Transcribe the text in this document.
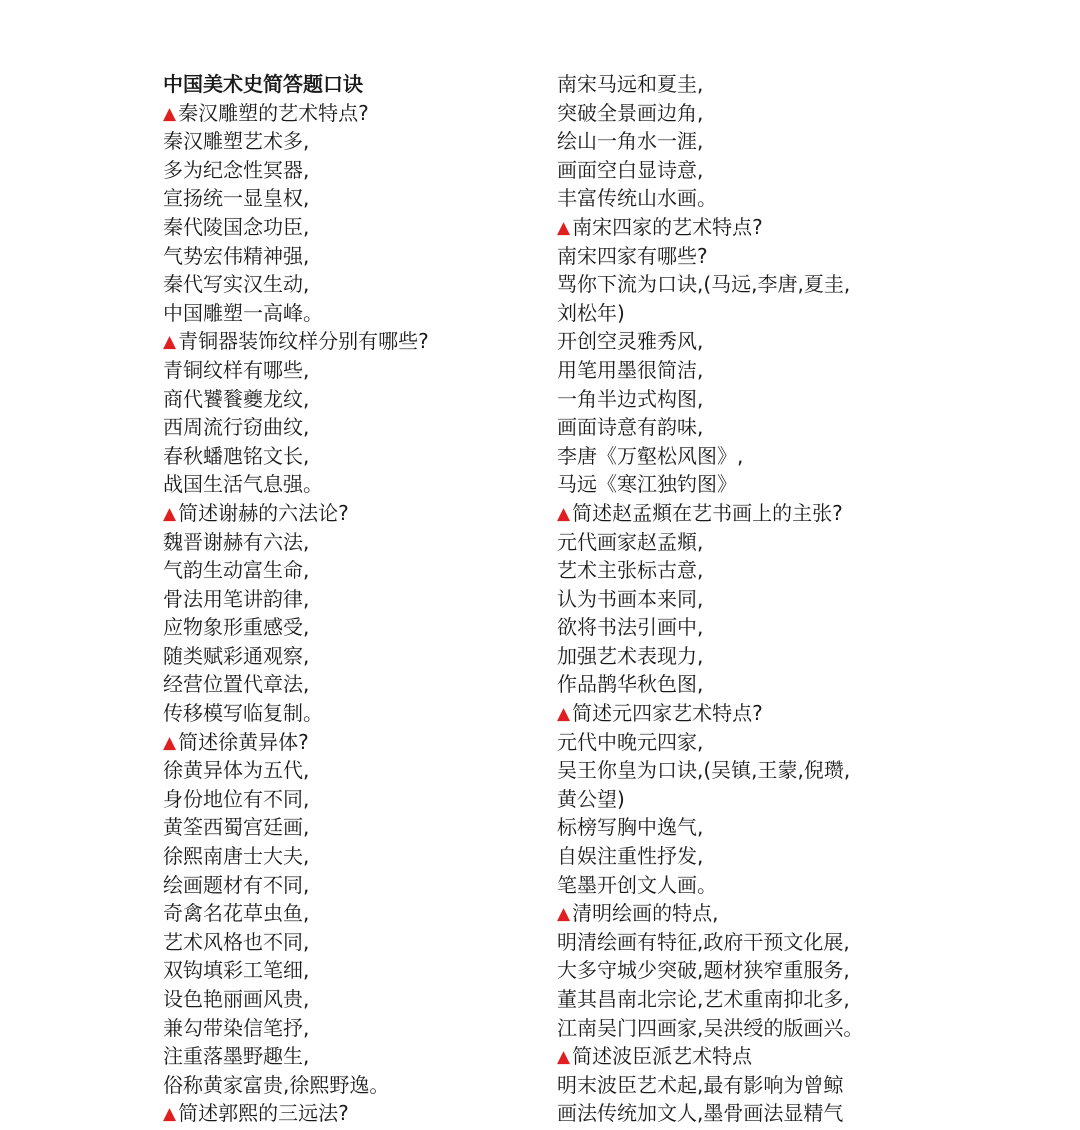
中国美术史简答题口诀
▲ 秦汉雕塑的艺术特点?
秦汉雕塑艺术多,
多为纪念性冥器,
宣扬统一显皇权,
秦代陵国念功臣,
气势宏伟精神强,
秦代写实汉生动,
中国雕塑一高峰。
▲ 青铜器装饰纹样分别有哪些?
青铜纹样有哪些,
商代饕餮夔龙纹,
西周流行窃曲纹,
春秋蟠虺铭文长,
战国生活气息强。
▲ 简述谢赫的六法论?
魏晋谢赫有六法,
气韵生动富生命,
骨法用笔讲韵律,
应物象形重感受,
随类赋彩通观察,
经营位置代章法,
传移模写临复制。
▲ 简述徐黄异体?
徐黄异体为五代,
身份地位有不同,
黄筌西蜀宫廷画,
徐熙南唐士大夫,
绘画题材有不同,
奇禽名花草虫鱼,
艺术风格也不同,
双钩填彩工笔细,
设色艳丽画风贵,
兼勾带染信笔抒,
注重落墨野趣生,
俗称黄家富贵,徐熙野逸。
▲ 简述郭熙的三远法?
南宋马远和夏圭,
突破全景画边角,
绘山一角水一涯,
画面空白显诗意,
丰富传统山水画。
▲ 南宋四家的艺术特点?
南宋四家有哪些?
骂你下流为口诀,(马远,李唐,夏圭,
刘松年)
开创空灵雅秀风,
用笔用墨很简洁,
一角半边式构图,
画面诗意有韵味,
李唐《万壑松风图》,
马远《寒江独钓图》
▲ 简述赵孟頫在艺书画上的主张?
元代画家赵孟頫,
艺术主张标古意,
认为书画本来同,
欲将书法引画中,
加强艺术表现力,
作品鹊华秋色图,
▲ 简述元四家艺术特点?
元代中晚元四家,
吴王你皇为口诀,(吴镇,王蒙,倪瓒,
黄公望)
标榜写胸中逸气,
自娱注重性抒发,
笔墨开创文人画。
▲ 清明绘画的特点,
明清绘画有特征,政府干预文化展,
大多守城少突破,题材狭窄重服务,
董其昌南北宗论,艺术重南抑北多,
江南吴门四画家,吴洪绶的版画兴。
▲ 简述波臣派艺术特点
明末波臣艺术起,最有影响为曾鲸
画法传统加文人,墨骨画法显精气
